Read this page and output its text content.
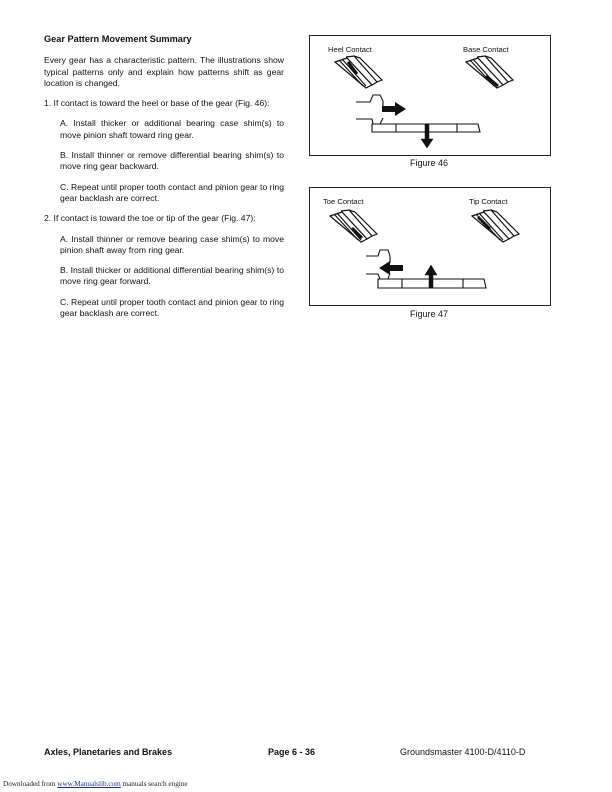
Gear Pattern Movement Summary
Every gear has a characteristic pattern. The illustrations show typical patterns only and explain how patterns shift as gear location is changed.
1. If contact is toward the heel or base of the gear (Fig. 46):
A. Install thicker or additional bearing case shim(s) to move pinion shaft toward ring gear.
B. Install thinner or remove differential bearing shim(s) to move ring gear backward.
C. Repeat until proper tooth contact and pinion gear to ring gear backlash are correct.
2. If contact is toward the toe or tip of the gear (Fig. 47):
A. Install thinner or remove bearing case shim(s) to move pinion shaft away from ring gear.
B. Install thicker or additional differential bearing shim(s) to move ring gear forward.
C. Repeat until proper tooth contact and pinion gear to ring gear backlash are correct.
Heel Contact	Base Contact
Figure 46
Toe Contact	Tip Contact
Figure 47
Axles, Planetaries and Brakes	Page 6 - 36	Groundsmaster 4100-D/4110-D
Downloaded from www.Manualslib.com manuals search engine
